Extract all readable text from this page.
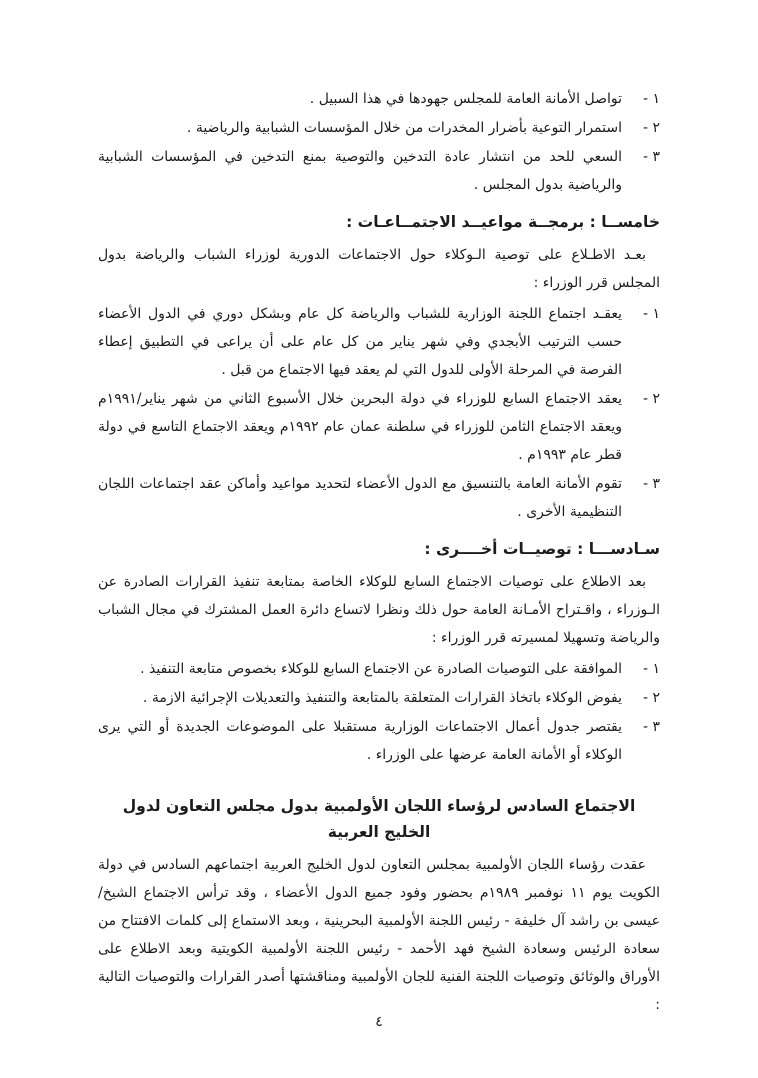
١ -
تواصل الأمانة العامة للمجلس جهودها في هذا السبيل .
٢ -
استمرار التوعية بأضرار المخدرات من خلال المؤسسات الشبابية والرياضية .
٣ -
السعي للحد من انتشار عادة التدخين والتوصية بمنع التدخين في المؤسسات الشبابية والرياضية بدول المجلس .
خامســا : برمجــة مواعيــد الاجتمــاعـات :

بعـد الاطـلاع على توصية الـوكلاء حول الاجتماعات الدورية لوزراء الشباب والرياضة بدول المجلس قرر الوزراء :

١ -
يعقـد اجتماع اللجنة الوزارية للشباب والرياضة كل عام وبشكل دوري في الدول الأعضاء حسب الترتيب الأبجدي وفي شهر يناير من كل عام على أن يراعى في التطبيق إعطاء الفرصة في المرحلة الأولى للدول التي لم يعقد فيها الاجتماع من قبل .
٢ -
يعقد الاجتماع السابع للوزراء في دولة البحرين خلال الأسبوع الثاني من شهر يناير/١٩٩١م ويعقد الاجتماع الثامن للوزراء في سلطنة عمان عام ١٩٩٢م ويعقد الاجتماع التاسع في دولة قطر عام ١٩٩٣م .
٣ -
تقوم الأمانة العامة بالتنسيق مع الدول الأعضاء لتحديد مواعيد وأماكن عقد اجتماعات اللجان التنظيمية الأخرى .
سـادســـا : توصيــات أخــــرى :

بعد الاطلاع على توصيات الاجتماع السابع للوكلاء الخاصة بمتابعة تنفيذ القرارات الصادرة عن الـوزراء ، واقـتراح الأمـانة العامة حول ذلك ونظرا لاتساع دائرة العمل المشترك في مجال الشباب والرياضة وتسهيلا لمسيرته قرر الوزراء :

١ -
الموافقة على التوصيات الصادرة عن الاجتماع السابع للوكلاء بخصوص متابعة التنفيذ .
٢ -
يفوض الوكلاء باتخاذ القرارات المتعلقة بالمتابعة والتنفيذ والتعديلات الإجرائية الازمة .
٣ -
يقتصر جدول أعمال الاجتماعات الوزارية مستقبلا على الموضوعات الجديدة أو التي يرى الوكلاء أو الأمانة العامة عرضها على الوزراء .
الاجتماع السادس لرؤساء اللجان الأولمبية بدول مجلس التعاون لدول الخليج العربية

عقدت رؤساء اللجان الأولمبية بمجلس التعاون لدول الخليج العربية اجتماعهم السادس في دولة الكويت يوم ١١ نوفمبر ١٩٨٩م بحضور وفود جميع الدول الأعضاء ، وقد ترأس الاجتماع الشيخ/ عيسى بن راشد آل خليفة - رئيس اللجنة الأولمبية البحرينية ، وبعد الاستماع إلى كلمات الافتتاح من سعادة الرئيس وسعادة الشيخ فهد الأحمد - رئيس اللجنة الأولمبية الكويتية وبعد الاطلاع على الأوراق والوثائق وتوصيات اللجنة الفنية للجان الأولمبية ومناقشتها أصدر القرارات والتوصيات التالية :

٤
